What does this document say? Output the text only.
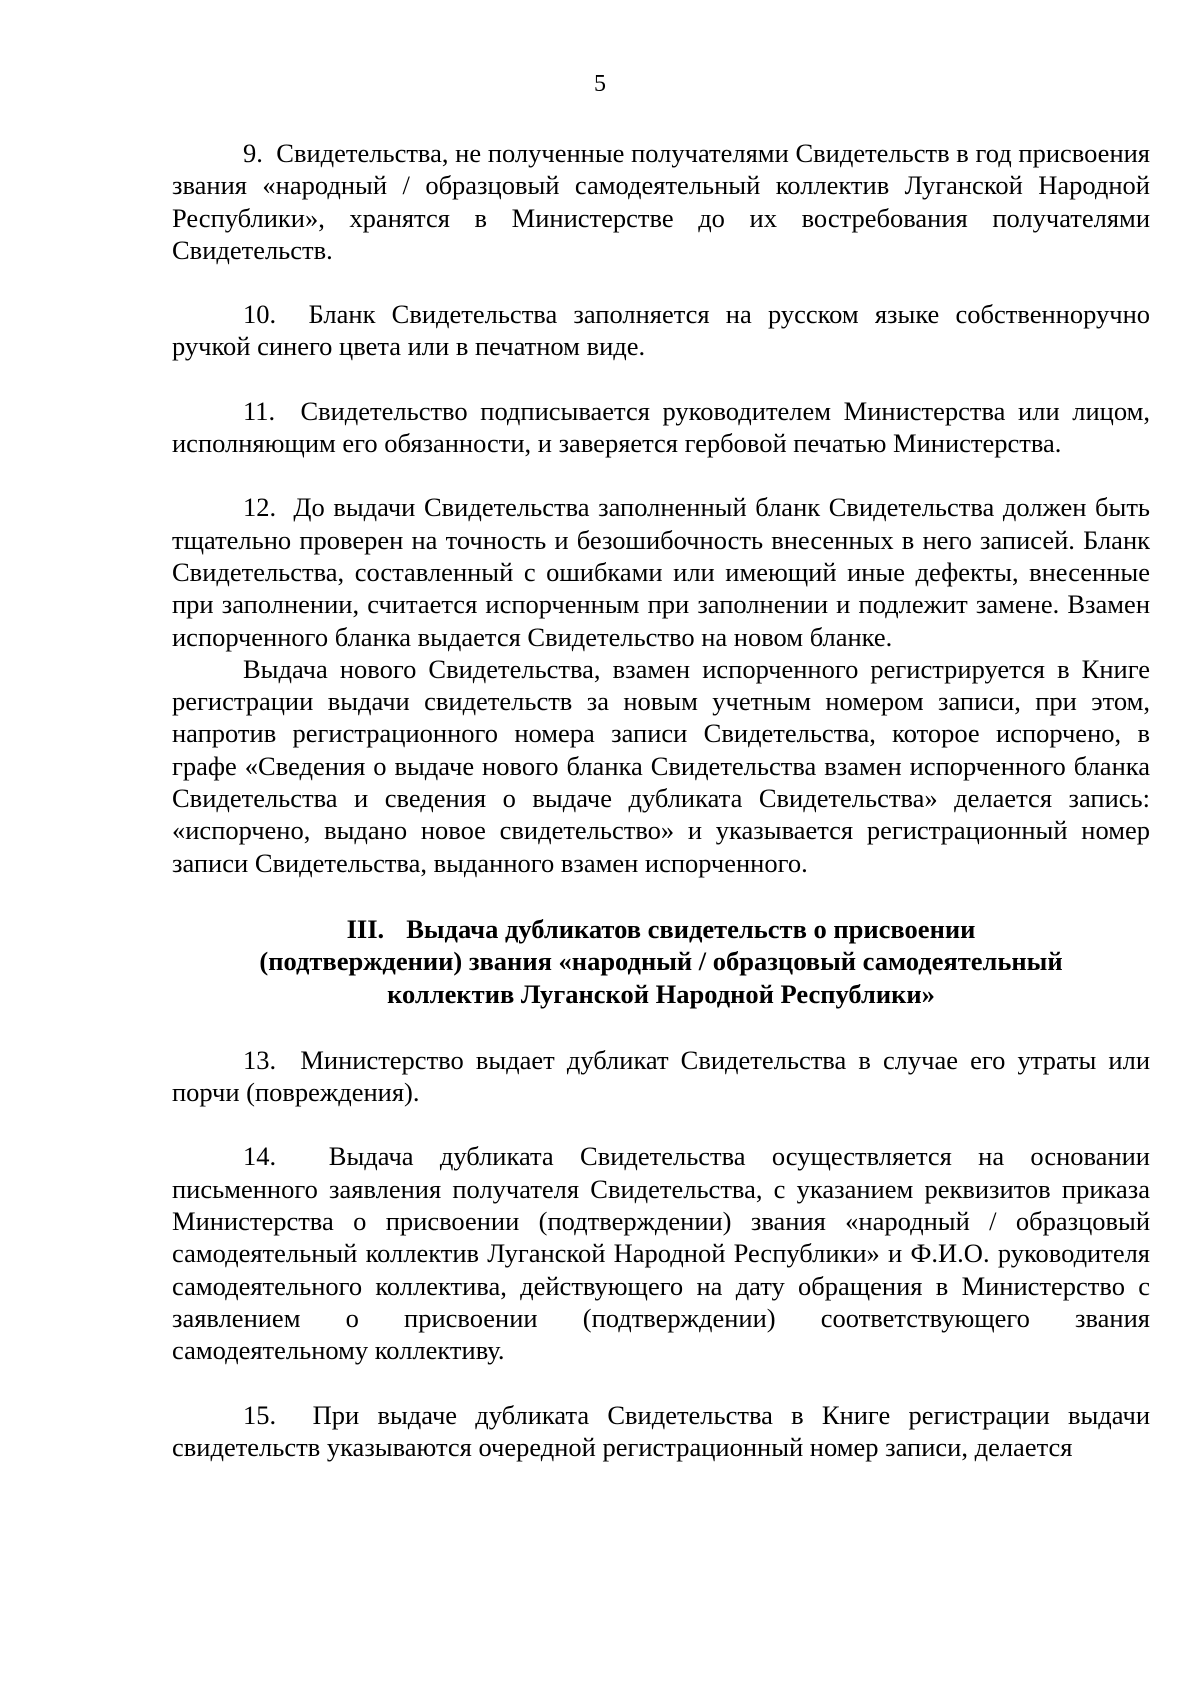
5

9. Свидетельства, не полученные получателями Свидетельств в год присвоения звания «народный / образцовый самодеятельный коллектив Луганской Народной Республики», хранятся в Министерстве до их востребования получателями Свидетельств.

10. Бланк Свидетельства заполняется на русском языке собственноручно ручкой синего цвета или в печатном виде.

11. Свидетельство подписывается руководителем Министерства или лицом, исполняющим его обязанности, и заверяется гербовой печатью Министерства.

12. До выдачи Свидетельства заполненный бланк Свидетельства должен быть тщательно проверен на точность и безошибочность внесенных в него записей. Бланк Свидетельства, составленный с ошибками или имеющий иные дефекты, внесенные при заполнении, считается испорченным при заполнении и подлежит замене. Взамен испорченного бланка выдается Свидетельство на новом бланке.

Выдача нового Свидетельства, взамен испорченного регистрируется в Книге регистрации выдачи свидетельств за новым учетным номером записи, при этом, напротив регистрационного номера записи Свидетельства, которое испорчено, в графе «Сведения о выдаче нового бланка Свидетельства взамен испорченного бланка Свидетельства и сведения о выдаче дубликата Свидетельства» делается запись: «испорчено, выдано новое свидетельство» и указывается регистрационный номер записи Свидетельства, выданного взамен испорченного.

III. Выдача дубликатов свидетельств о присвоении
(подтверждении) звания «народный / образцовый самодеятельный
коллектив Луганской Народной Республики»

13. Министерство выдает дубликат Свидетельства в случае его утраты или порчи (повреждения).

14. Выдача дубликата Свидетельства осуществляется на основании письменного заявления получателя Свидетельства, с указанием реквизитов приказа Министерства о присвоении (подтверждении) звания «народный / образцовый самодеятельный коллектив Луганской Народной Республики» и Ф.И.О. руководителя самодеятельного коллектива, действующего на дату обращения в Министерство с заявлением о присвоении (подтверждении) соответствующего звания самодеятельному коллективу.

15. При выдаче дубликата Свидетельства в Книге регистрации выдачи свидетельств указываются очередной регистрационный номер записи, делается
